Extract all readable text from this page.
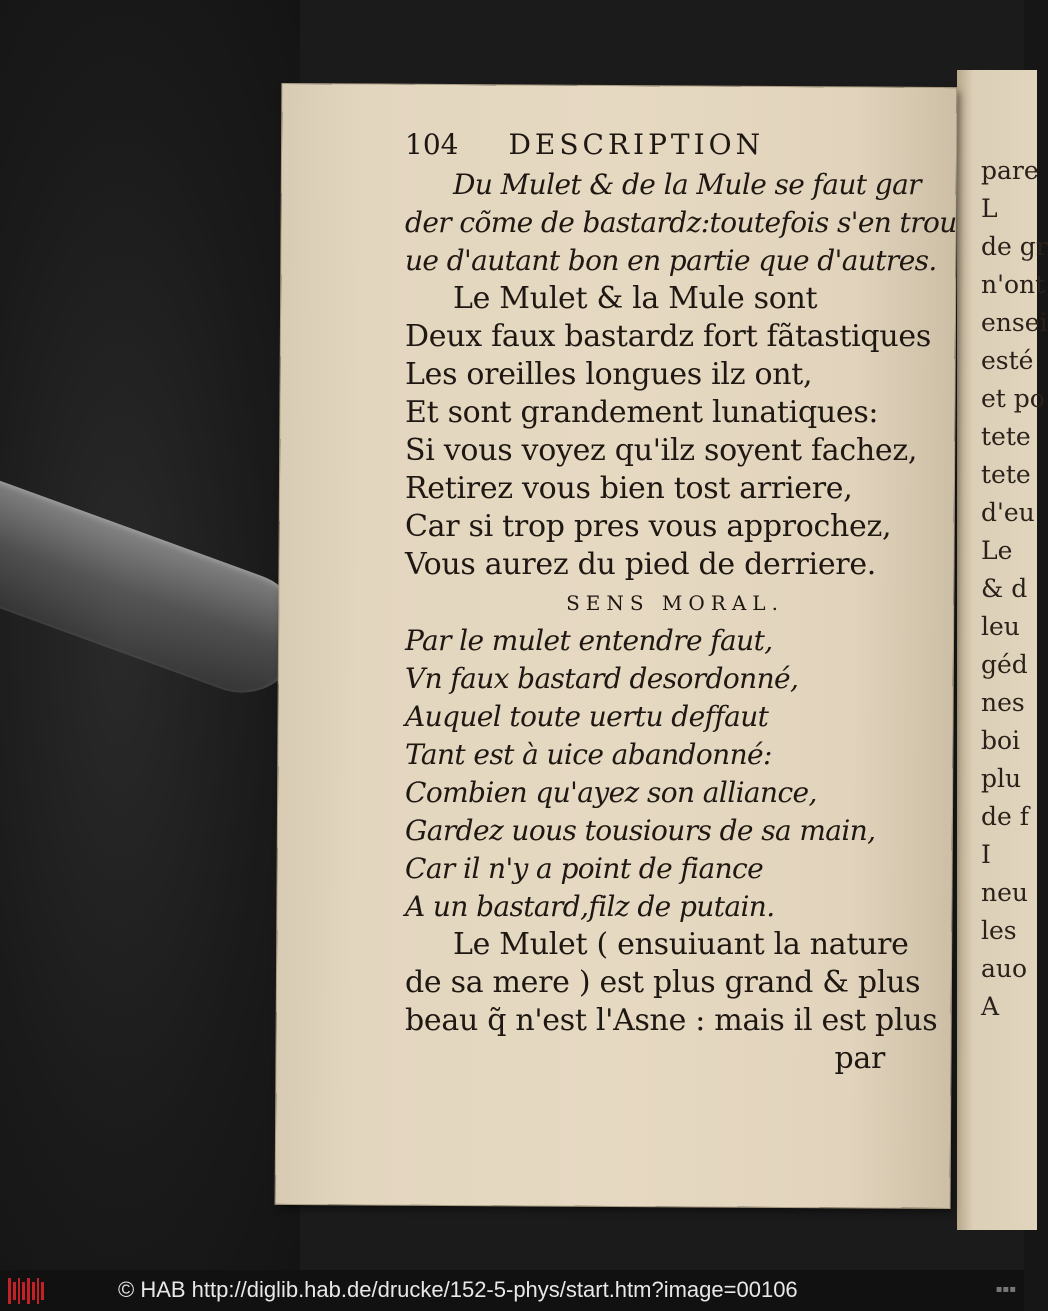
pare
L
de gr
n'ont
ensei
esté
et po
tete
tete
d'eu
Le
& d
leu
géd
nes
boi
plu
de f
I
neu
les
auo
A
104 DESCRIPTION
Du Mulet & de la Mule se faut gar
der cõme de bastardz:toutefois s'en trou
ue d'autant bon en partie que d'autres.
Le Mulet & la Mule sont
Deux faux bastardz fort fãtastiques
Les oreilles longues ilz ont,
Et sont grandement lunatiques:
Si vous voyez qu'ilz soyent fachez,
Retirez vous bien tost arriere,
Car si trop pres vous approchez,
Vous aurez du pied de derriere.
SENS MORAL.
Par le mulet entendre faut,
Vn faux bastard desordonné,
Auquel toute uertu deffaut
Tant est à uice abandonné:
Combien qu'ayez son alliance,
Gardez uous tousiours de sa main,
Car il n'y a point de fiance
A un bastard,filz de putain.
Le Mulet ( ensuiuant la nature
de sa mere ) est plus grand & plus
beau q̃ n'est l'Asne : mais il est plus
par
© HAB http://diglib.hab.de/drucke/152-5-phys/start.htm?image=00106	▪▪▪
